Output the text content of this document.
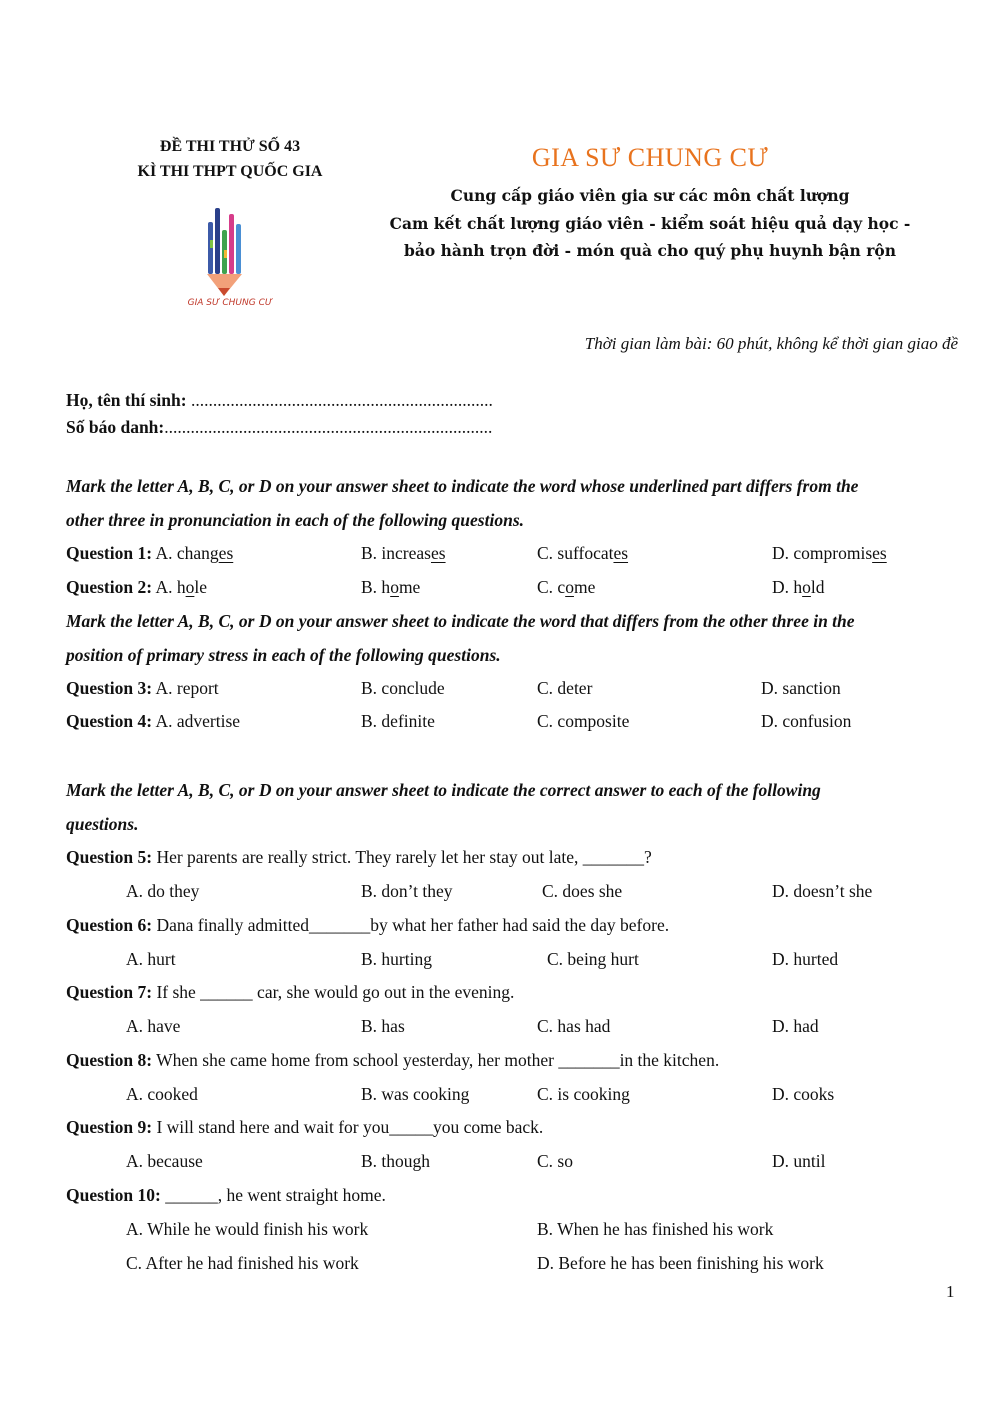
ĐỀ THI THỬ SỐ 43
KÌ THI THPT QUỐC GIA
GIA SƯ CHUNG CƯ
GIA SƯ CHUNG CƯ
Cung cấp giáo viên gia sư các môn chất lượng
Cam kết chất lượng giáo viên - kiểm soát hiệu quả dạy học -
bảo hành trọn đời - món quà cho quý phụ huynh bận rộn
Thời gian làm bài: 60 phút, không kể thời gian giao đề
Họ, tên thí sinh: .....................................................................
Số báo danh:...........................................................................
Mark the letter A, B, C, or D on your answer sheet to indicate the word whose underlined part differs from the
other three in pronunciation in each of the following questions.
Question 1: A. changes	B. increases	C. suffocates	D. compromises
Question 2: A. hole	B. home	C. come	D. hold
Mark the letter A, B, C, or D on your answer sheet to indicate the word that differs from the other three in the
position of primary stress in each of the following questions.
Question 3: A. report	B. conclude	C. deter	D. sanction
Question 4: A. advertise	B. definite	C. composite	D. confusion
Mark the letter A, B, C, or D on your answer sheet to indicate the correct answer to each of the following
questions.
Question 5: Her parents are really strict. They rarely let her stay out late, _______?
A. do they	B. don’t they	C. does she	D. doesn’t she
Question 6: Dana finally admitted_______by what her father had said the day before.
A. hurt	B. hurting	C. being hurt	D. hurted
Question 7: If she ______ car, she would go out in the evening.
A. have	B. has	C. has had	D. had
Question 8: When she came home from school yesterday, her mother _______in the kitchen.
A. cooked	B. was cooking	C. is cooking	D. cooks
Question 9: I will stand here and wait for you_____you come back.
A. because	B. though	C. so	D. until
Question 10: ______, he went straight home.
A. While he would finish his work	B. When he has finished his work
C. After he had finished his work	D. Before he has been finishing his work
1
